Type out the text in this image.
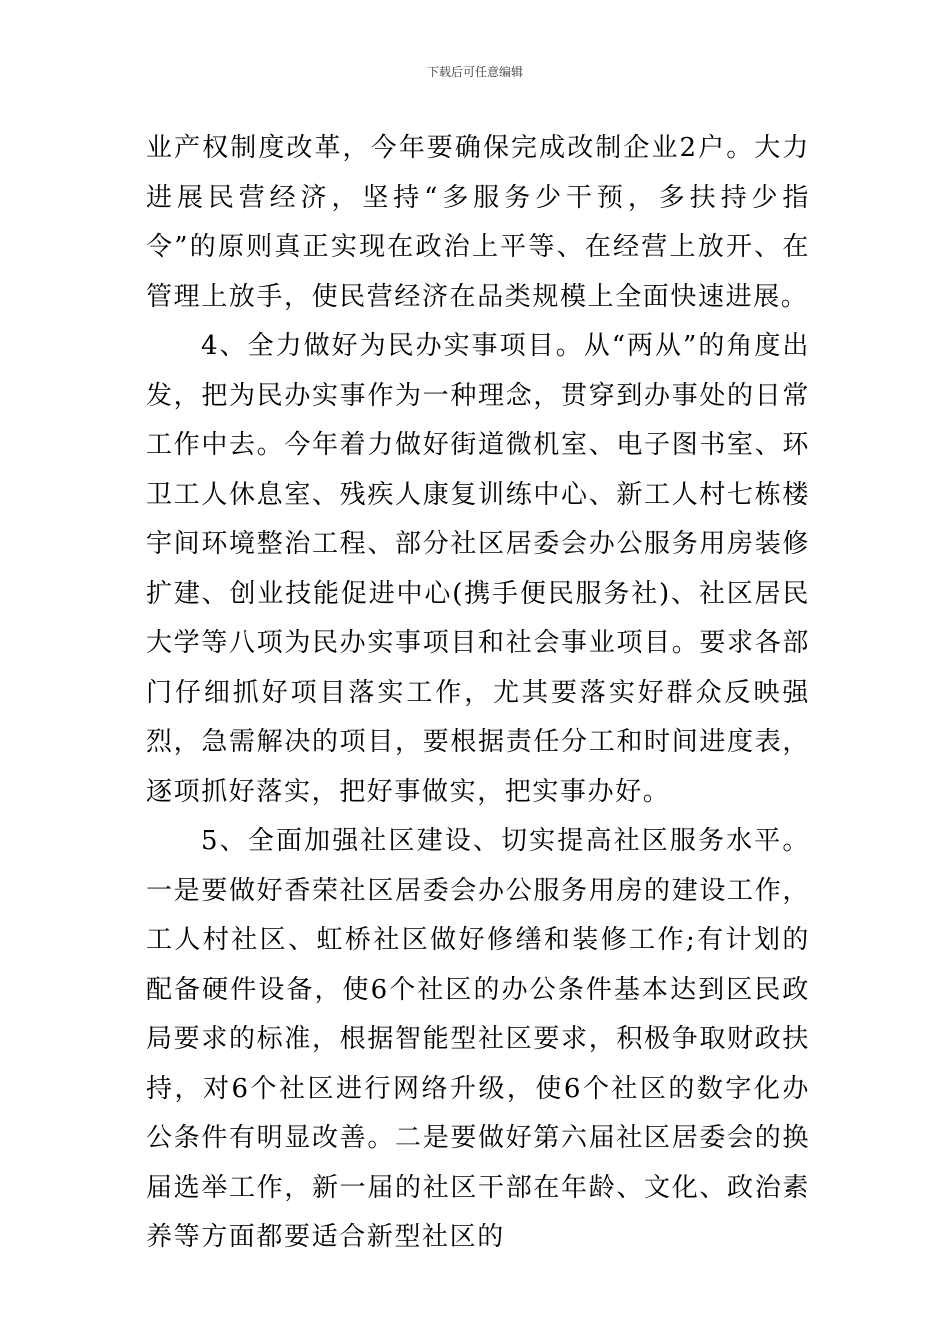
下载后可任意编辑

业产权制度改革，今年要确保完成改制企业2户。大力进展民营经济，坚持“多服务少干预，多扶持少指令”的原则真正实现在政治上平等、在经营上放开、在管理上放手，使民营经济在品类规模上全面快速进展。

4、全力做好为民办实事项目。从“两从”的角度出发，把为民办实事作为一种理念，贯穿到办事处的日常工作中去。今年着力做好街道微机室、电子图书室、环卫工人休息室、残疾人康复训练中心、新工人村七栋楼宇间环境整治工程、部分社区居委会办公服务用房装修扩建、创业技能促进中心(携手便民服务社)、社区居民大学等八项为民办实事项目和社会事业项目。要求各部门仔细抓好项目落实工作，尤其要落实好群众反映强烈，急需解决的项目，要根据责任分工和时间进度表，逐项抓好落实，把好事做实，把实事办好。

5、全面加强社区建设、切实提高社区服务水平。一是要做好香荣社区居委会办公服务用房的建设工作，工人村社区、虹桥社区做好修缮和装修工作;有计划的配备硬件设备，使6个社区的办公条件基本达到区民政局要求的标准，根据智能型社区要求，积极争取财政扶持，对6个社区进行网络升级，使6个社区的数字化办公条件有明显改善。二是要做好第六届社区居委会的换届选举工作，新一届的社区干部在年龄、文化、政治素养等方面都要适合新型社区的
